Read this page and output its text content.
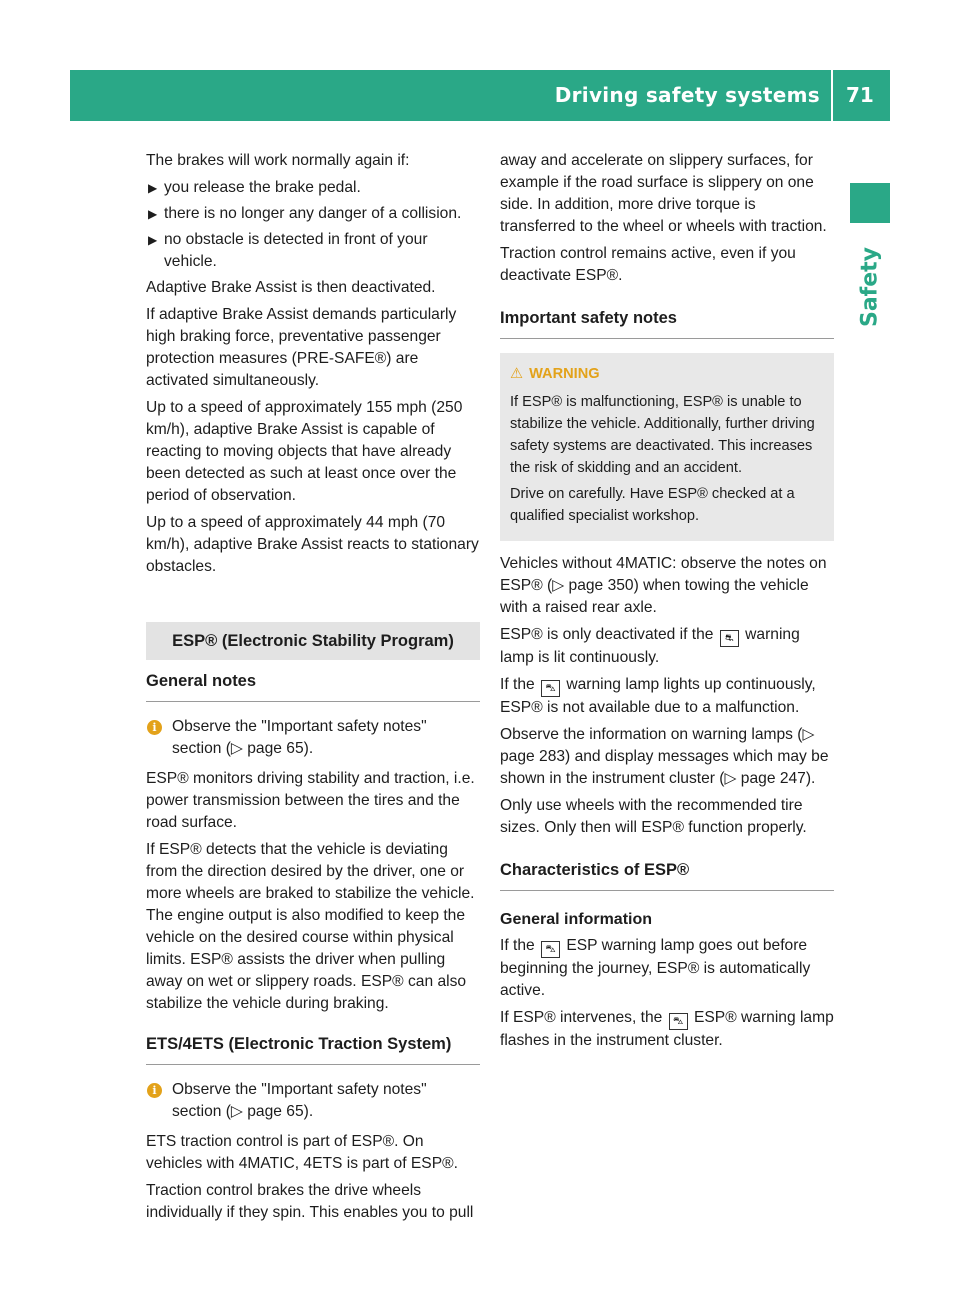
Driving safety systems 71
Safety

The brakes will work normally again if:

▶ you release the brake pedal.
▶ there is no longer any danger of a collision.
▶ no obstacle is detected in front of your vehicle.

Adaptive Brake Assist is then deactivated.

If adaptive Brake Assist demands particularly high braking force, preventative passenger protection measures (PRE-SAFE®) are activated simultaneously.

Up to a speed of approximately 155 mph (250 km/h), adaptive Brake Assist is capable of reacting to moving objects that have already been detected as such at least once over the period of observation.

Up to a speed of approximately 44 mph (70 km/h), adaptive Brake Assist reacts to stationary obstacles.

ESP® (Electronic Stability Program)
General notes
i Observe the "Important safety notes" section (▷ page 65).

ESP® monitors driving stability and traction, i.e. power transmission between the tires and the road surface.

If ESP® detects that the vehicle is deviating from the direction desired by the driver, one or more wheels are braked to stabilize the vehicle. The engine output is also modified to keep the vehicle on the desired course within physical limits. ESP® assists the driver when pulling away on wet or slippery roads. ESP® can also stabilize the vehicle during braking.

ETS/4ETS (Electronic Traction System)
i Observe the "Important safety notes" section (▷ page 65).

ETS traction control is part of ESP®. On vehicles with 4MATIC, 4ETS is part of ESP®.

Traction control brakes the drive wheels individually if they spin. This enables you to pull

away and accelerate on slippery surfaces, for example if the road surface is slippery on one side. In addition, more drive torque is transferred to the wheel or wheels with traction.

Traction control remains active, even if you deactivate ESP®.

Important safety notes
⚠ WARNING

If ESP® is malfunctioning, ESP® is unable to stabilize the vehicle. Additionally, further driving safety systems are deactivated. This increases the risk of skidding and an accident.

Drive on carefully. Have ESP® checked at a qualified specialist workshop.

Vehicles without 4MATIC: observe the notes on ESP® (▷ page 350) when towing the vehicle with a raised rear axle.

ESP® is only deactivated if the ⛐ warning lamp is lit continuously.

If the ⛍ warning lamp lights up continuously, ESP® is not available due to a malfunction.

Observe the information on warning lamps (▷ page 283) and display messages which may be shown in the instrument cluster (▷ page 247).

Only use wheels with the recommended tire sizes. Only then will ESP® function properly.

Characteristics of ESP®
General information

If the ⛍ ESP warning lamp goes out before beginning the journey, ESP® is automatically active.

If ESP® intervenes, the ⛍ ESP® warning lamp flashes in the instrument cluster.
